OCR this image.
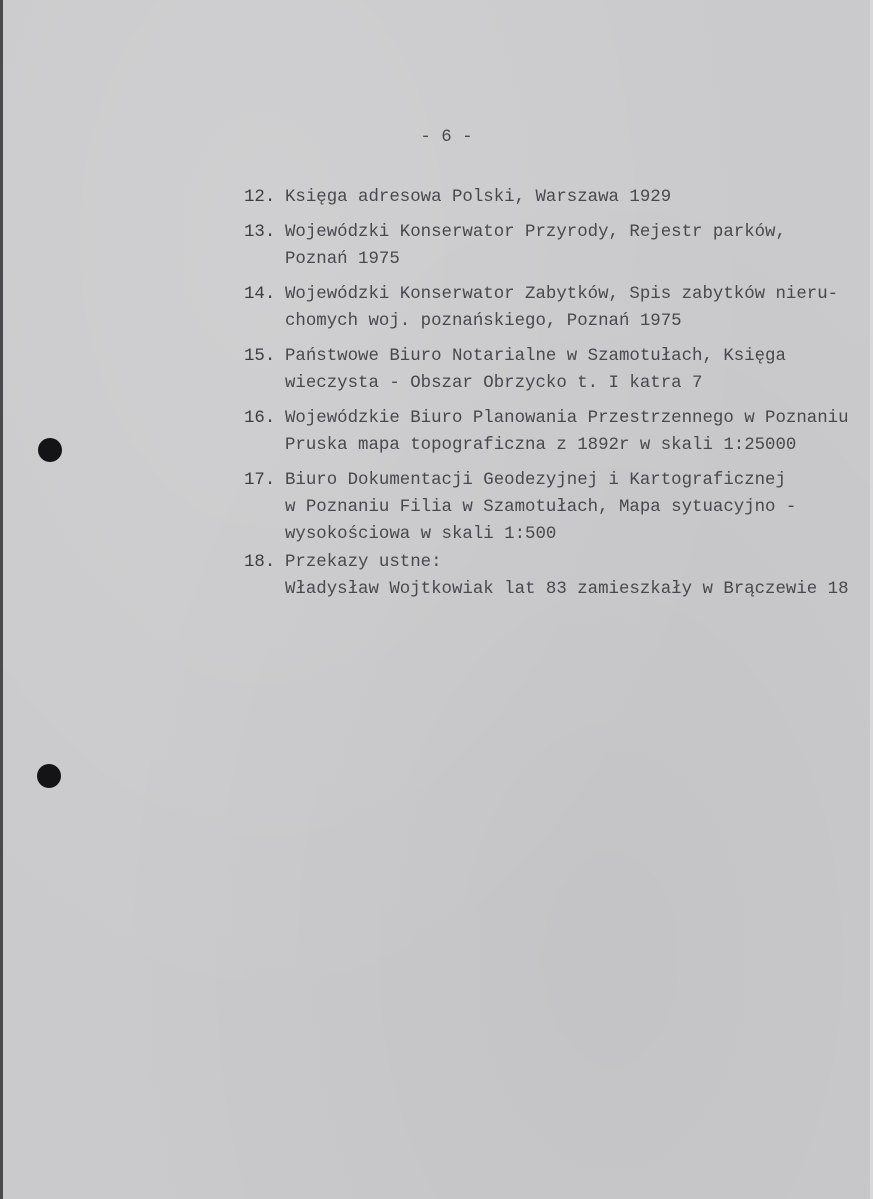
- 6 -
12. Księga adresowa Polski, Warszawa 1929
13. Wojewódzki Konserwator Przyrody, Rejestr parków,
Poznań 1975
14. Wojewódzki Konserwator Zabytków, Spis zabytków nieru-
chomych woj. poznańskiego, Poznań 1975
15. Państwowe Biuro Notarialne w Szamotułach, Księga
wieczysta - Obszar Obrzycko t. I katra 7
16. Wojewódzkie Biuro Planowania Przestrzennego w Poznaniu
Pruska mapa topograficzna z 1892r w skali 1:25000
17. Biuro Dokumentacji Geodezyjnej i Kartograficznej
w Poznaniu Filia w Szamotułach, Mapa sytuacyjno -
wysokościowa w skali 1:500
18. Przekazy ustne:
Władysław Wojtkowiak lat 83 zamieszkały w Brączewie 18
